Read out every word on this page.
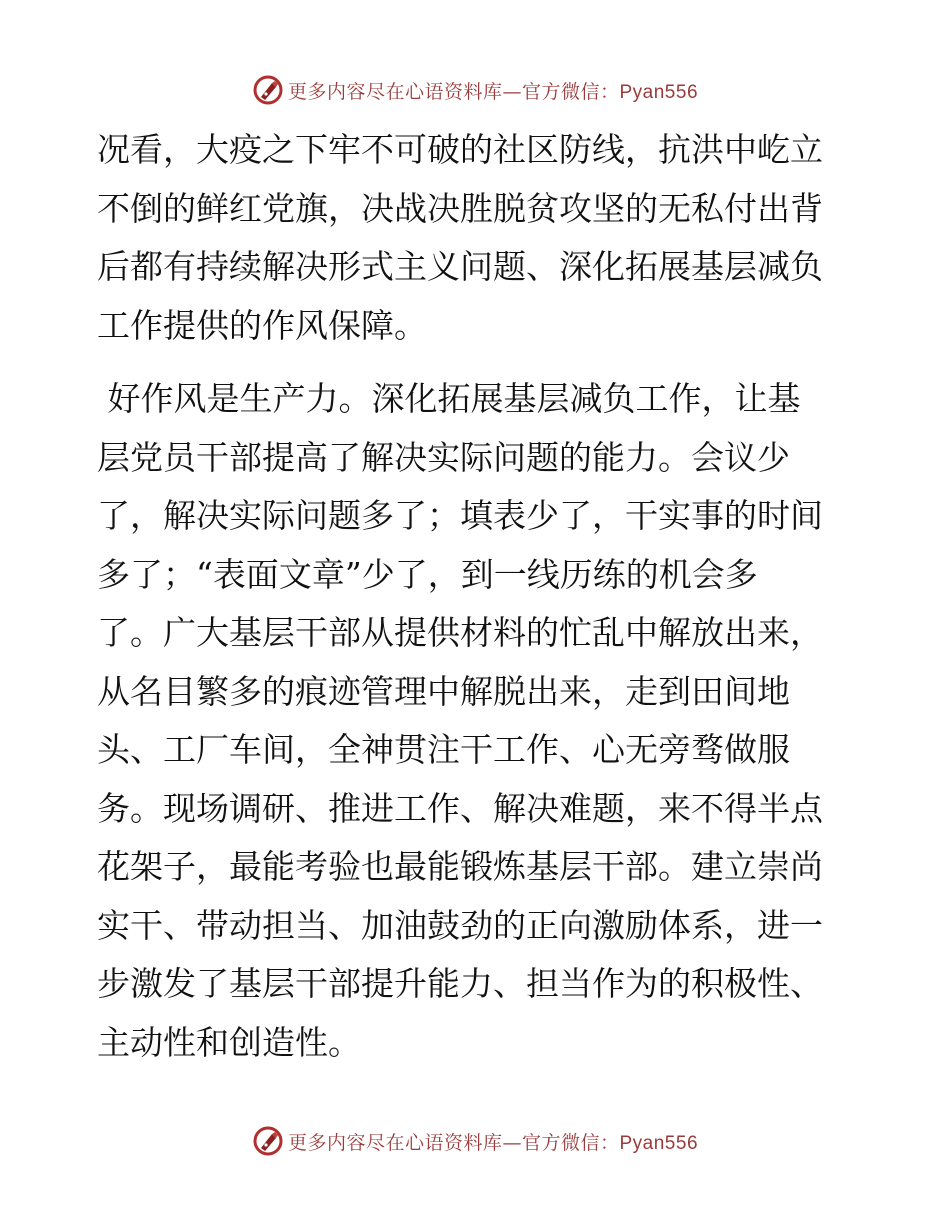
更多内容尽在心语资料库—官方微信：Pyan556
况看，大疫之下牢不可破的社区防线，抗洪中屹立
不倒的鲜红党旗，决战决胜脱贫攻坚的无私付出背
后都有持续解决形式主义问题、深化拓展基层减负
工作提供的作风保障。
好作风是生产力。深化拓展基层减负工作，让基
层党员干部提高了解决实际问题的能力。会议少
了，解决实际问题多了；填表少了，干实事的时间
多了；“表面文章”少了，到一线历练的机会多
了。广大基层干部从提供材料的忙乱中解放出来，
从名目繁多的痕迹管理中解脱出来，走到田间地
头、工厂车间，全神贯注干工作、心无旁骛做服
务。现场调研、推进工作、解决难题，来不得半点
花架子，最能考验也最能锻炼基层干部。建立崇尚
实干、带动担当、加油鼓劲的正向激励体系，进一
步激发了基层干部提升能力、担当作为的积极性、
主动性和创造性。
更多内容尽在心语资料库—官方微信：Pyan556
